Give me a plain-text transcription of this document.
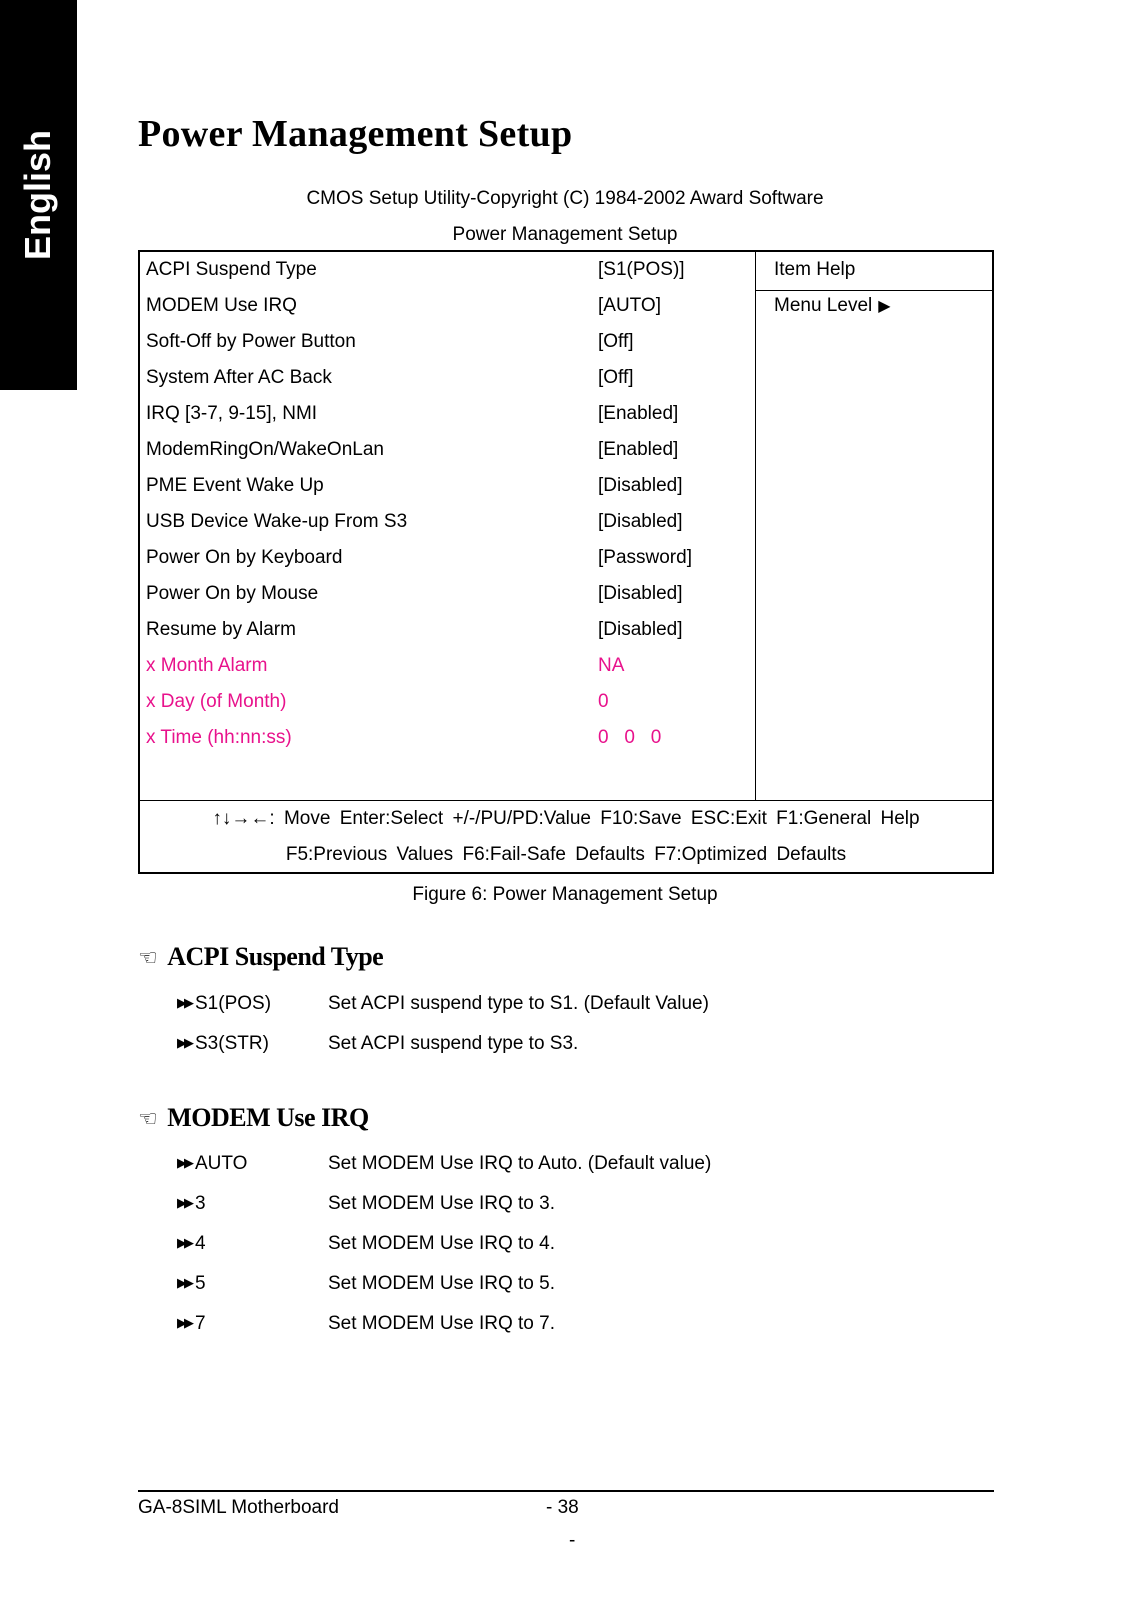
English Power Management Setup
CMOS Setup Utility-Copyright (C) 1984-2002 Award Software
Power Management Setup
ACPI Suspend Type	[S1(POS)]
MODEM Use IRQ	[AUTO]
Soft-Off by Power Button	[Off]
System After AC Back	[Off]
IRQ [3-7, 9-15], NMI	[Enabled]
ModemRingOn/WakeOnLan	[Enabled]
PME Event Wake Up	[Disabled]
USB Device Wake-up From S3	[Disabled]
Power On by Keyboard	[Password]
Power On by Mouse	[Disabled]
Resume by Alarm	[Disabled]
x Month Alarm	NA
x Day (of Month)	0
x Time (hh:nn:ss)	0   0   0
Item Help
Menu Level ▶
↑↓→←: Move Enter:Select +/-/PU/PD:Value F10:Save ESC:Exit F1:General Help
F5:Previous Values F6:Fail-Safe Defaults F7:Optimized Defaults
Figure 6: Power Management Setup
☜ ACPI Suspend Type
▶▶ S1(POS)	Set ACPI suspend type to S1. (Default Value)
▶▶ S3(STR)	Set ACPI suspend type to S3.
☜ MODEM Use IRQ
▶▶ AUTO	Set MODEM Use IRQ to Auto. (Default value)
▶▶ 3	Set MODEM Use IRQ to 3.
▶▶ 4	Set MODEM Use IRQ to 4.
▶▶ 5	Set MODEM Use IRQ to 5.
▶▶ 7	Set MODEM Use IRQ to 7.
GA-8SIML Motherboard	- 38
-
